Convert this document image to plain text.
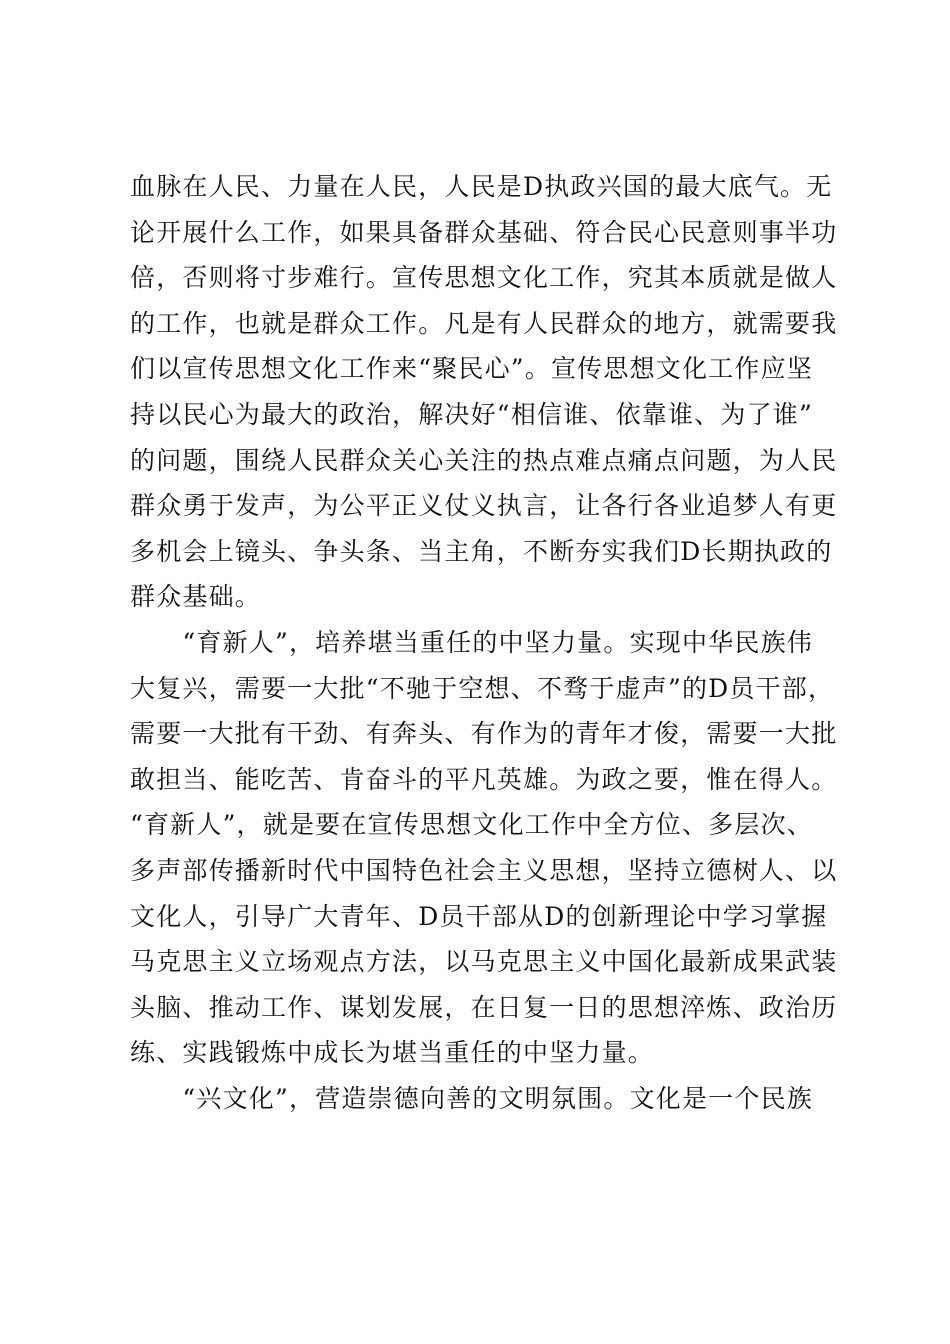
血脉在人民、力量在人民，人民是D执政兴国的最大底气。无
论开展什么工作，如果具备群众基础、符合民心民意则事半功
倍，否则将寸步难行。宣传思想文化工作，究其本质就是做人
的工作，也就是群众工作。凡是有人民群众的地方，就需要我
们以宣传思想文化工作来“聚民心”。宣传思想文化工作应坚
持以民心为最大的政治，解决好“相信谁、依靠谁、为了谁”
的问题，围绕人民群众关心关注的热点难点痛点问题，为人民
群众勇于发声，为公平正义仗义执言，让各行各业追梦人有更
多机会上镜头、争头条、当主角，不断夯实我们D长期执政的
群众基础。
　　“育新人”，培养堪当重任的中坚力量。实现中华民族伟
大复兴，需要一大批“不驰于空想、不骛于虚声”的D员干部，
需要一大批有干劲、有奔头、有作为的青年才俊，需要一大批
敢担当、能吃苦、肯奋斗的平凡英雄。为政之要，惟在得人。
“育新人”，就是要在宣传思想文化工作中全方位、多层次、
多声部传播新时代中国特色社会主义思想，坚持立德树人、以
文化人，引导广大青年、D员干部从D的创新理论中学习掌握
马克思主义立场观点方法，以马克思主义中国化最新成果武装
头脑、推动工作、谋划发展，在日复一日的思想淬炼、政治历
练、实践锻炼中成长为堪当重任的中坚力量。
　　“兴文化”，营造崇德向善的文明氛围。文化是一个民族
